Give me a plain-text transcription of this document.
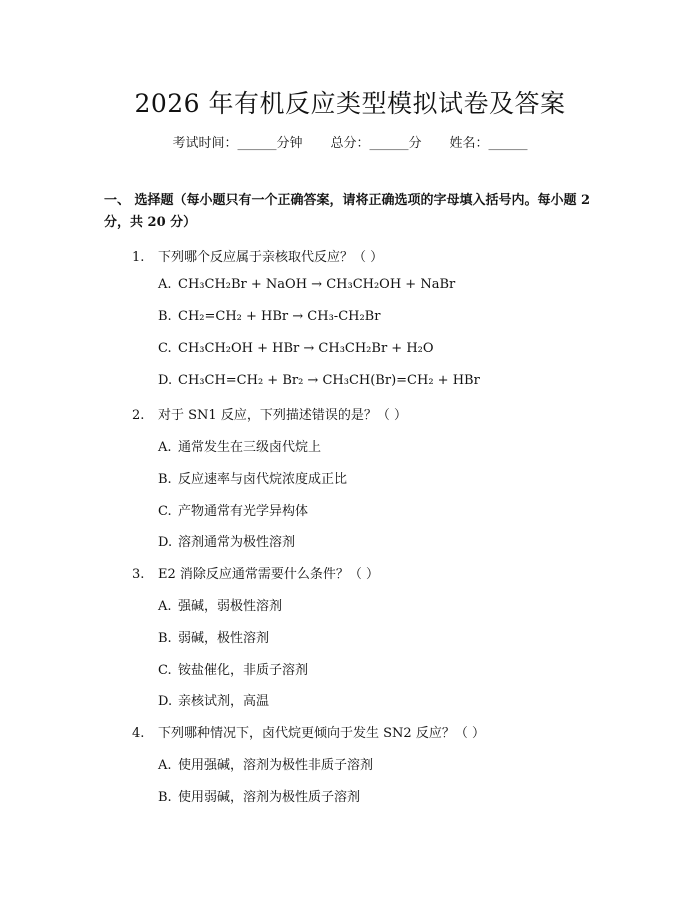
2026 年有机反应类型模拟试卷及答案
考试时间：______分钟 总分：______分 姓名：______
一、 选择题（每小题只有一个正确答案，请将正确选项的字母填入括号内。每小题 2 分，共 20 分）
1. 下列哪个反应属于亲核取代反应？（ ）
A. CH₃CH₂Br + NaOH → CH₃CH₂OH + NaBr
B. CH₂=CH₂ + HBr → CH₃-CH₂Br
C. CH₃CH₂OH + HBr → CH₃CH₂Br + H₂O
D. CH₃CH=CH₂ + Br₂ → CH₃CH(Br)=CH₂ + HBr
2. 对于 SN1 反应，下列描述错误的是？（ ）
A. 通常发生在三级卤代烷上
B. 反应速率与卤代烷浓度成正比
C. 产物通常有光学异构体
D. 溶剂通常为极性溶剂
3. E2 消除反应通常需要什么条件？（ ）
A. 强碱，弱极性溶剂
B. 弱碱，极性溶剂
C. 铵盐催化，非质子溶剂
D. 亲核试剂，高温
4. 下列哪种情况下，卤代烷更倾向于发生 SN2 反应？（ ）
A. 使用强碱，溶剂为极性非质子溶剂
B. 使用弱碱，溶剂为极性质子溶剂
